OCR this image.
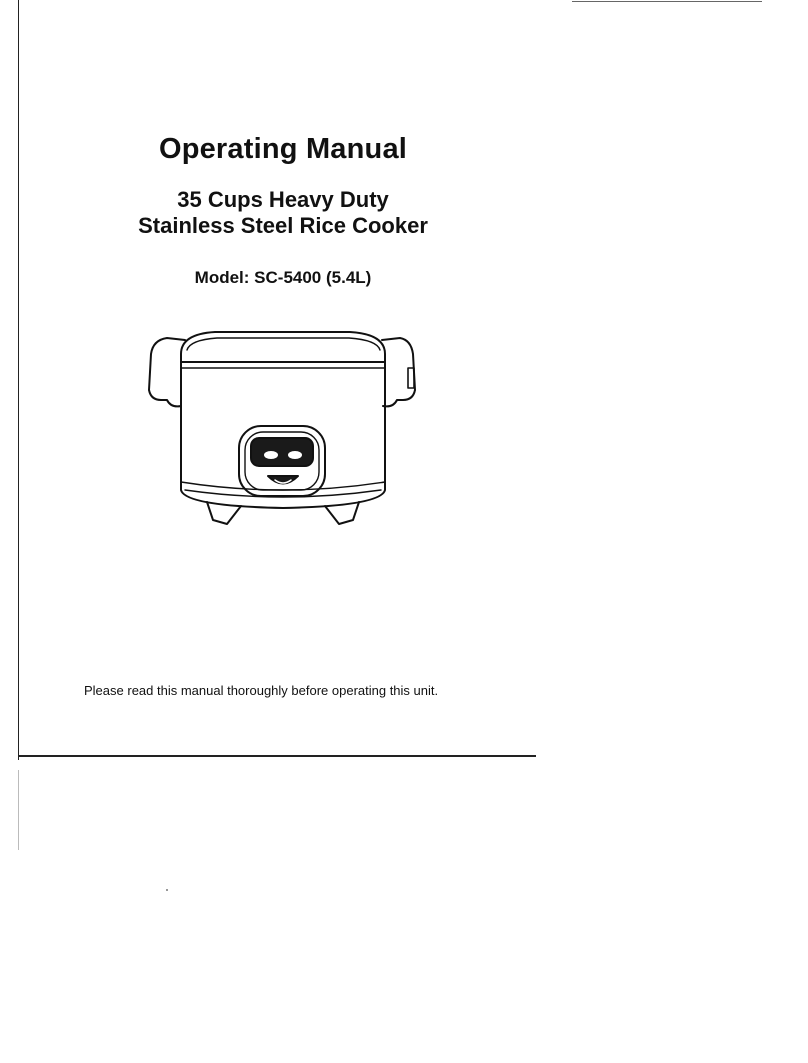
Operating Manual
35 Cups Heavy Duty
Stainless Steel Rice Cooker
Model: SC-5400 (5.4L)

Please read this manual thoroughly before operating this unit.
